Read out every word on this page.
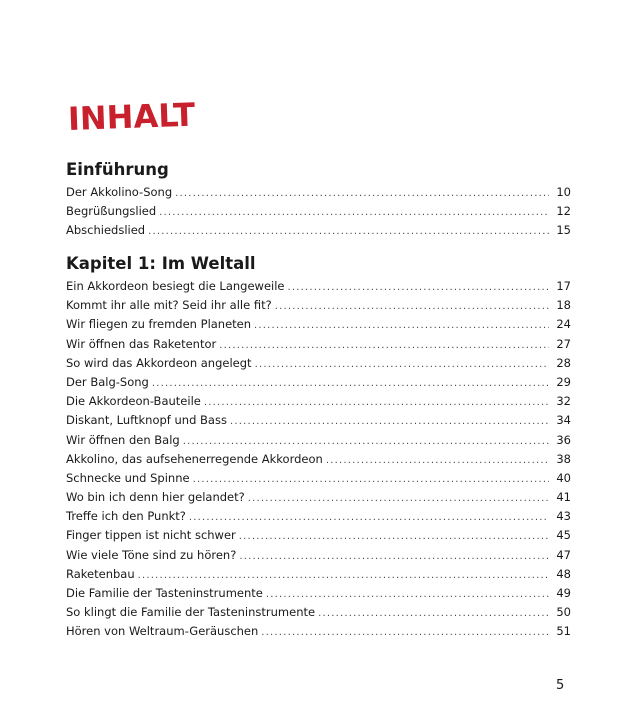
INHALT
Einführung
Der Akkolino-Song .....	10
Begrüßungslied .....	12
Abschiedslied .....	15
Kapitel 1: Im Weltall
Ein Akkordeon besiegt die Langeweile .....	17
Kommt ihr alle mit? Seid ihr alle fit? .....	18
Wir fliegen zu fremden Planeten .....	24
Wir öffnen das Raketentor .....	27
So wird das Akkordeon angelegt .....	28
Der Balg-Song .....	29
Die Akkordeon-Bauteile .....	32
Diskant, Luftknopf und Bass .....	34
Wir öffnen den Balg .....	36
Akkolino, das aufsehenerregende Akkordeon .....	38
Schnecke und Spinne .....	40
Wo bin ich denn hier gelandet? .....	41
Treffe ich den Punkt? .....	43
Finger tippen ist nicht schwer .....	45
Wie viele Töne sind zu hören? .....	47
Raketenbau .....	48
Die Familie der Tasteninstrumente .....	49
So klingt die Familie der Tasteninstrumente .....	50
Hören von Weltraum-Geräuschen .....	51
5
